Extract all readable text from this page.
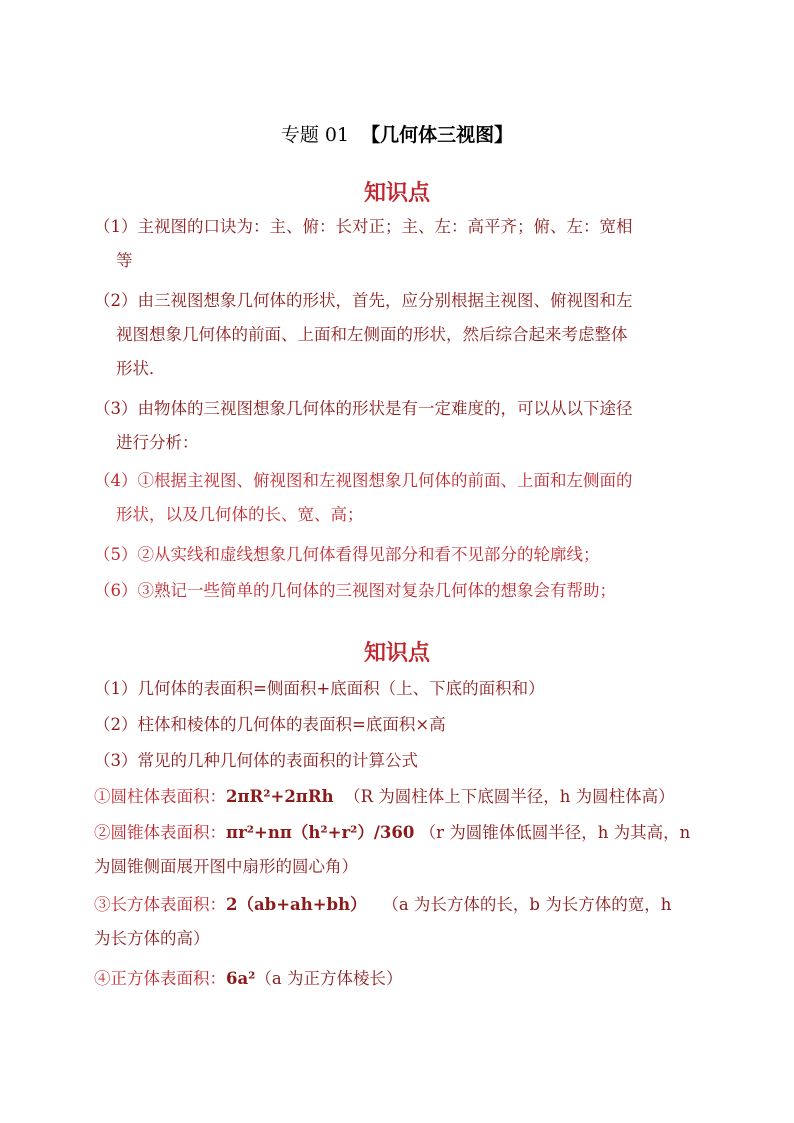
专题 01 【几何体三视图】
知识点
（1）主视图的口诀为：主、俯：长对正；主、左：高平齐；俯、左：宽相
等
（2）由三视图想象几何体的形状，首先，应分别根据主视图、俯视图和左
视图想象几何体的前面、上面和左侧面的形状，然后综合起来考虑整体
形状．
（3）由物体的三视图想象几何体的形状是有一定难度的，可以从以下途径
进行分析：
（4）①根据主视图、俯视图和左视图想象几何体的前面、上面和左侧面的
形状，以及几何体的长、宽、高；
（5）②从实线和虚线想象几何体看得见部分和看不见部分的轮廓线；
（6）③熟记一些简单的几何体的三视图对复杂几何体的想象会有帮助；
知识点
（1）几何体的表面积=侧面积+底面积（上、下底的面积和）
（2）柱体和棱体的几何体的表面积=底面积×高
（3）常见的几种几何体的表面积的计算公式
①圆柱体表面积：2πR²+2πRh （R 为圆柱体上下底圆半径，h 为圆柱体高）
②圆锥体表面积：πr²+nπ（h²+r²）/360 （r 为圆锥体低圆半径，h 为其高，n
为圆锥侧面展开图中扇形的圆心角）
③长方体表面积：2（ab+ah+bh） （a 为长方体的长，b 为长方体的宽，h
为长方体的高）
④正方体表面积：6a²（a 为正方体棱长）
